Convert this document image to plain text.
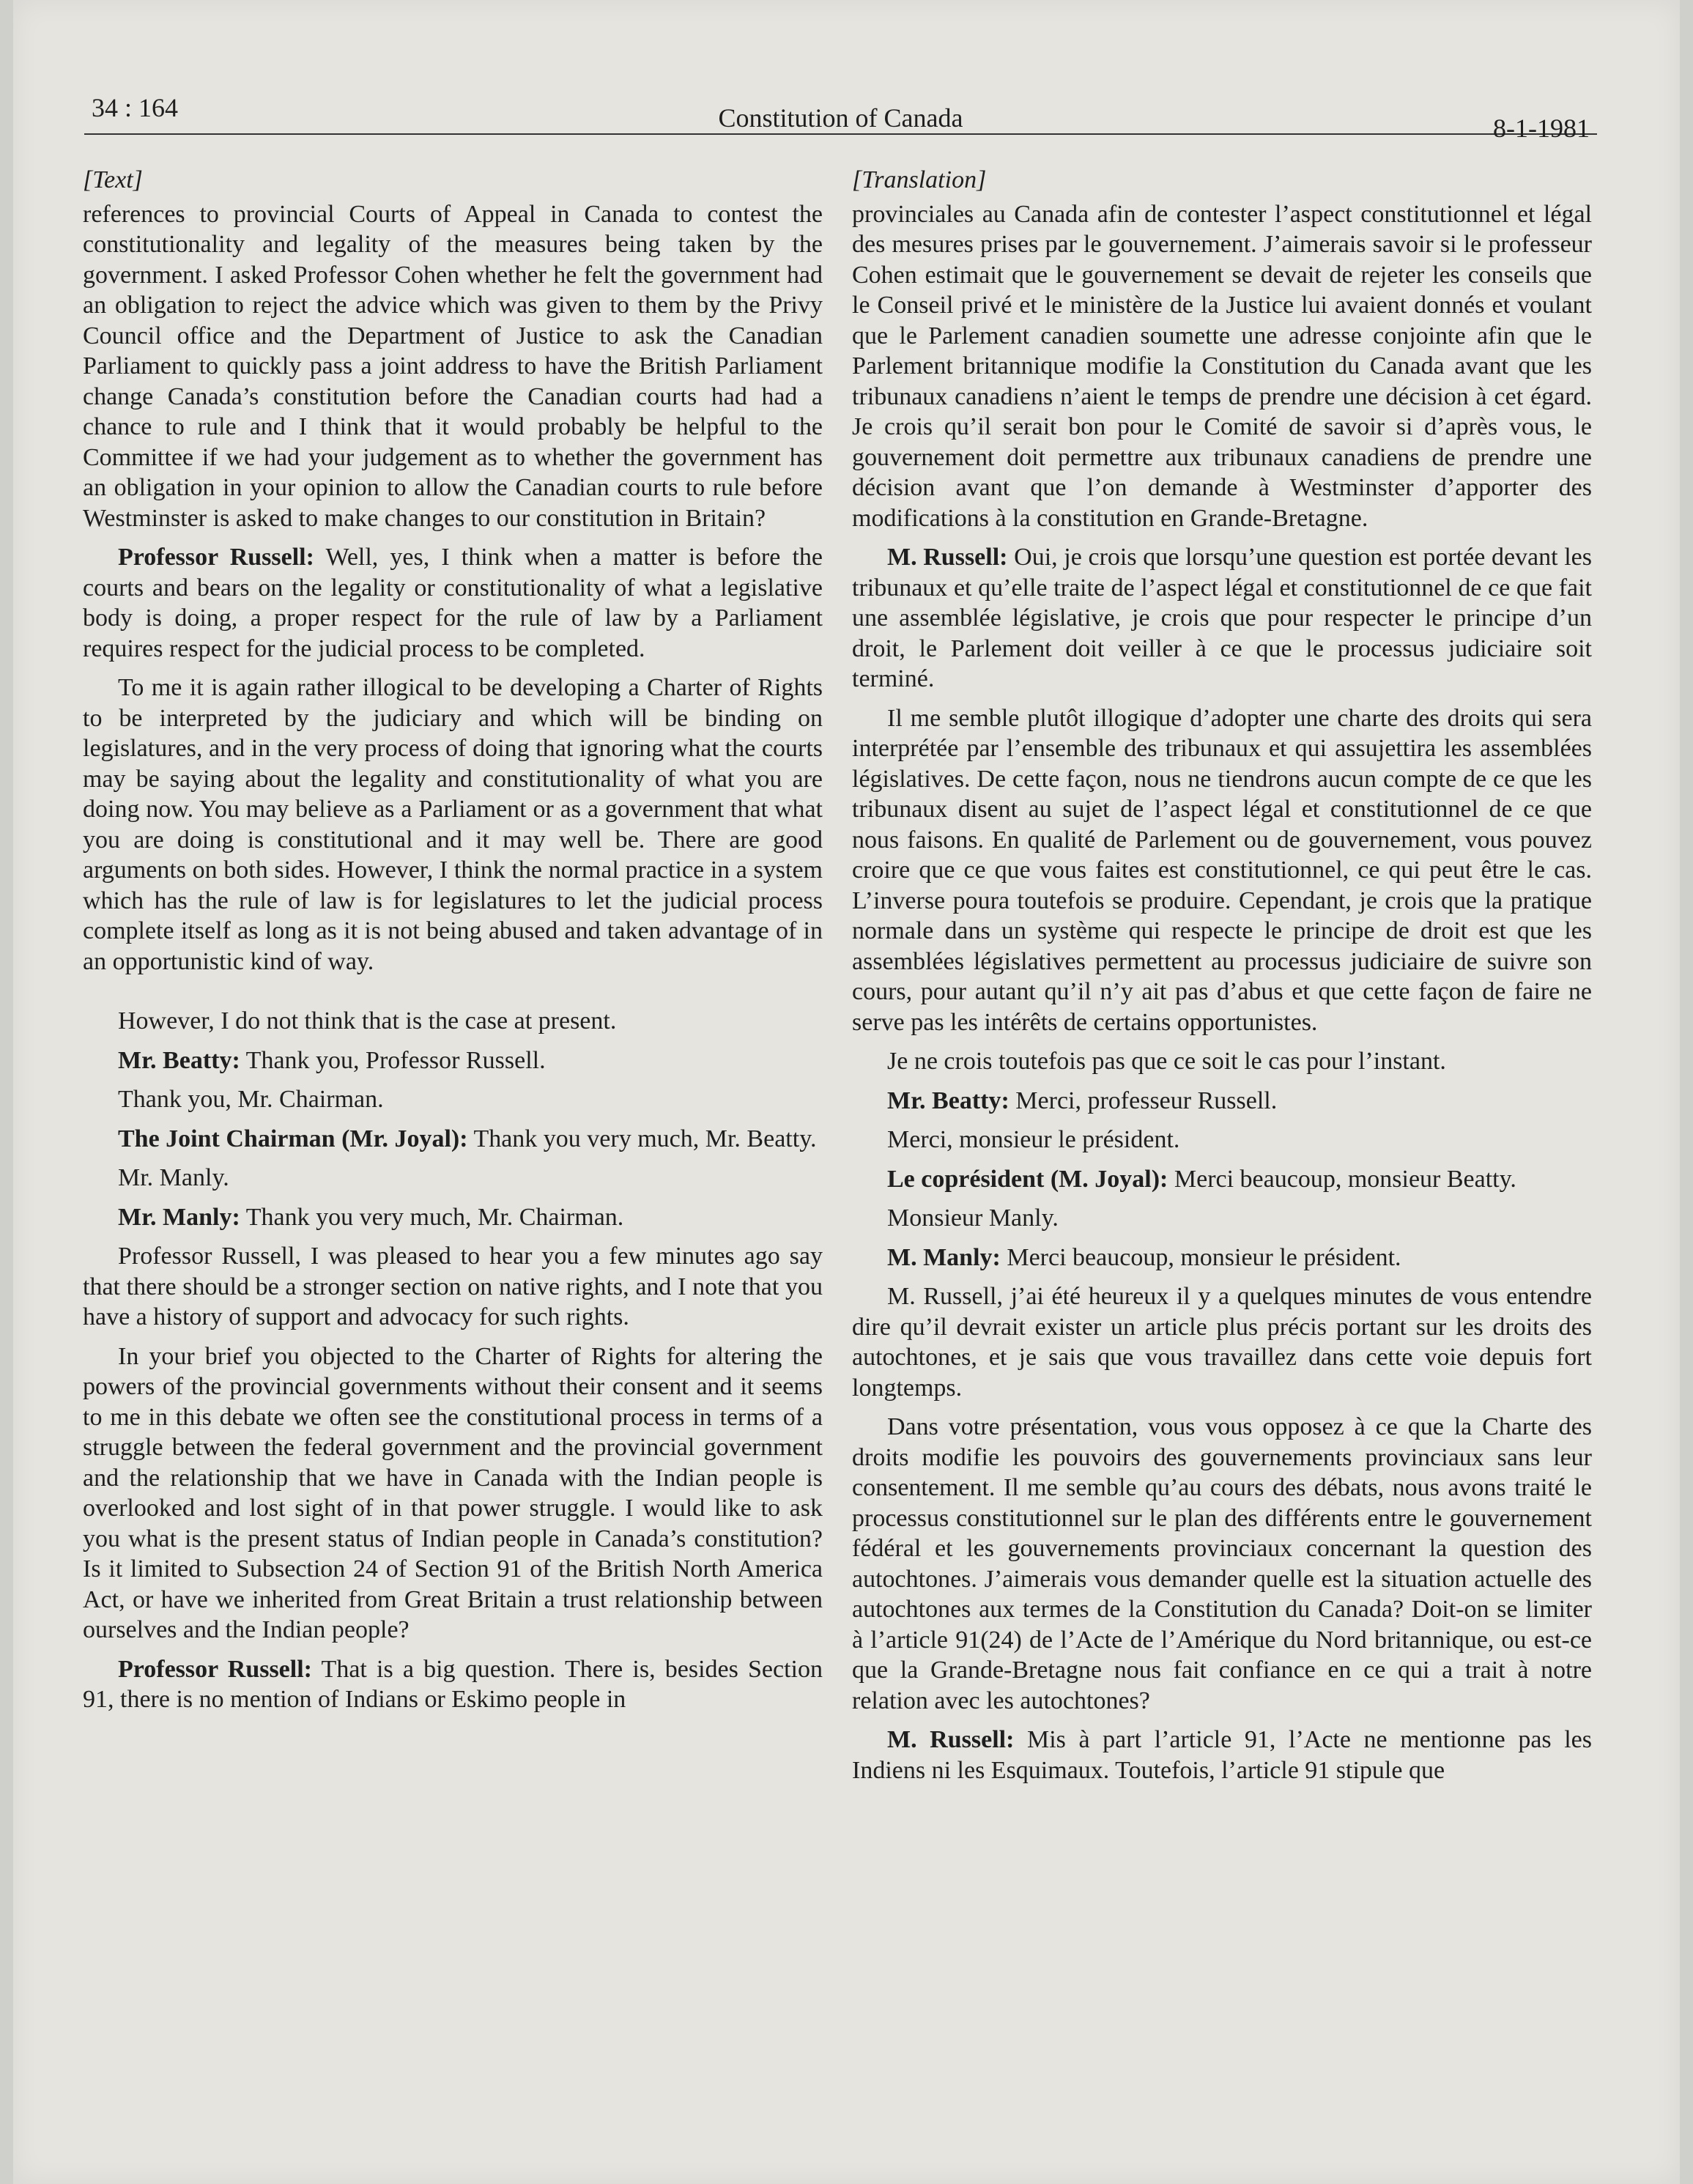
34 : 164	Constitution of Canada	8-1-1981
[Text]

references to provincial Courts of Appeal in Canada to contest the constitutionality and legality of the measures being taken by the government. I asked Professor Cohen whether he felt the government had an obligation to reject the advice which was given to them by the Privy Council office and the Department of Justice to ask the Canadian Parliament to quickly pass a joint address to have the British Parliament change Canada’s constitution before the Canadian courts had had a chance to rule and I think that it would probably be helpful to the Committee if we had your judgement as to whether the government has an obligation in your opinion to allow the Canadian courts to rule before Westminster is asked to make changes to our constitution in Britain?

Professor Russell: Well, yes, I think when a matter is before the courts and bears on the legality or constitutionality of what a legislative body is doing, a proper respect for the rule of law by a Parliament requires respect for the judicial process to be completed.

To me it is again rather illogical to be developing a Charter of Rights to be interpreted by the judiciary and which will be binding on legislatures, and in the very process of doing that ignoring what the courts may be saying about the legality and constitutionality of what you are doing now. You may believe as a Parliament or as a government that what you are doing is constitutional and it may well be. There are good arguments on both sides. However, I think the normal practice in a system which has the rule of law is for legislatures to let the judicial process complete itself as long as it is not being abused and taken advantage of in an opportunistic kind of way.

However, I do not think that is the case at present.

Mr. Beatty: Thank you, Professor Russell.

Thank you, Mr. Chairman.

The Joint Chairman (Mr. Joyal): Thank you very much, Mr. Beatty.

Mr. Manly.

Mr. Manly: Thank you very much, Mr. Chairman.

Professor Russell, I was pleased to hear you a few minutes ago say that there should be a stronger section on native rights, and I note that you have a history of support and advocacy for such rights.

In your brief you objected to the Charter of Rights for altering the powers of the provincial governments without their consent and it seems to me in this debate we often see the constitutional process in terms of a struggle between the federal government and the provincial government and the relationship that we have in Canada with the Indian people is overlooked and lost sight of in that power struggle. I would like to ask you what is the present status of Indian people in Canada’s constitution? Is it limited to Subsection 24 of Section 91 of the British North America Act, or have we inherited from Great Britain a trust relationship between ourselves and the Indian people?

Professor Russell: That is a big question. There is, besides Section 91, there is no mention of Indians or Eskimo people in

[Translation]

provinciales au Canada afin de contester l’aspect constitutionnel et légal des mesures prises par le gouvernement. J’aimerais savoir si le professeur Cohen estimait que le gouvernement se devait de rejeter les conseils que le Conseil privé et le ministère de la Justice lui avaient donnés et voulant que le Parlement canadien soumette une adresse conjointe afin que le Parlement britannique modifie la Constitution du Canada avant que les tribunaux canadiens n’aient le temps de prendre une décision à cet égard. Je crois qu’il serait bon pour le Comité de savoir si d’après vous, le gouvernement doit permettre aux tribunaux canadiens de prendre une décision avant que l’on demande à Westminster d’apporter des modifications à la constitution en Grande-Bretagne.

M. Russell: Oui, je crois que lorsqu’une question est portée devant les tribunaux et qu’elle traite de l’aspect légal et constitutionnel de ce que fait une assemblée législative, je crois que pour respecter le principe d’un droit, le Parlement doit veiller à ce que le processus judiciaire soit terminé.

Il me semble plutôt illogique d’adopter une charte des droits qui sera interprétée par l’ensemble des tribunaux et qui assujettira les assemblées législatives. De cette façon, nous ne tiendrons aucun compte de ce que les tribunaux disent au sujet de l’aspect légal et constitutionnel de ce que nous faisons. En qualité de Parlement ou de gouvernement, vous pouvez croire que ce que vous faites est constitutionnel, ce qui peut être le cas. L’inverse poura toutefois se produire. Cependant, je crois que la pratique normale dans un système qui respecte le principe de droit est que les assemblées législatives permettent au processus judiciaire de suivre son cours, pour autant qu’il n’y ait pas d’abus et que cette façon de faire ne serve pas les intérêts de certains opportunistes.

Je ne crois toutefois pas que ce soit le cas pour l’instant.

Mr. Beatty: Merci, professeur Russell.

Merci, monsieur le président.

Le coprésident (M. Joyal): Merci beaucoup, monsieur Beatty.

Monsieur Manly.

M. Manly: Merci beaucoup, monsieur le président.

M. Russell, j’ai été heureux il y a quelques minutes de vous entendre dire qu’il devrait exister un article plus précis portant sur les droits des autochtones, et je sais que vous travaillez dans cette voie depuis fort longtemps.

Dans votre présentation, vous vous opposez à ce que la Charte des droits modifie les pouvoirs des gouvernements provinciaux sans leur consentement. Il me semble qu’au cours des débats, nous avons traité le processus constitutionnel sur le plan des différents entre le gouvernement fédéral et les gouvernements provinciaux concernant la question des autochtones. J’aimerais vous demander quelle est la situation actuelle des autochtones aux termes de la Constitution du Canada? Doit-on se limiter à l’article 91(24) de l’Acte de l’Amérique du Nord britannique, ou est-ce que la Grande-Bretagne nous fait confiance en ce qui a trait à notre relation avec les autochtones?

M. Russell: Mis à part l’article 91, l’Acte ne mentionne pas les Indiens ni les Esquimaux. Toutefois, l’article 91 stipule que
